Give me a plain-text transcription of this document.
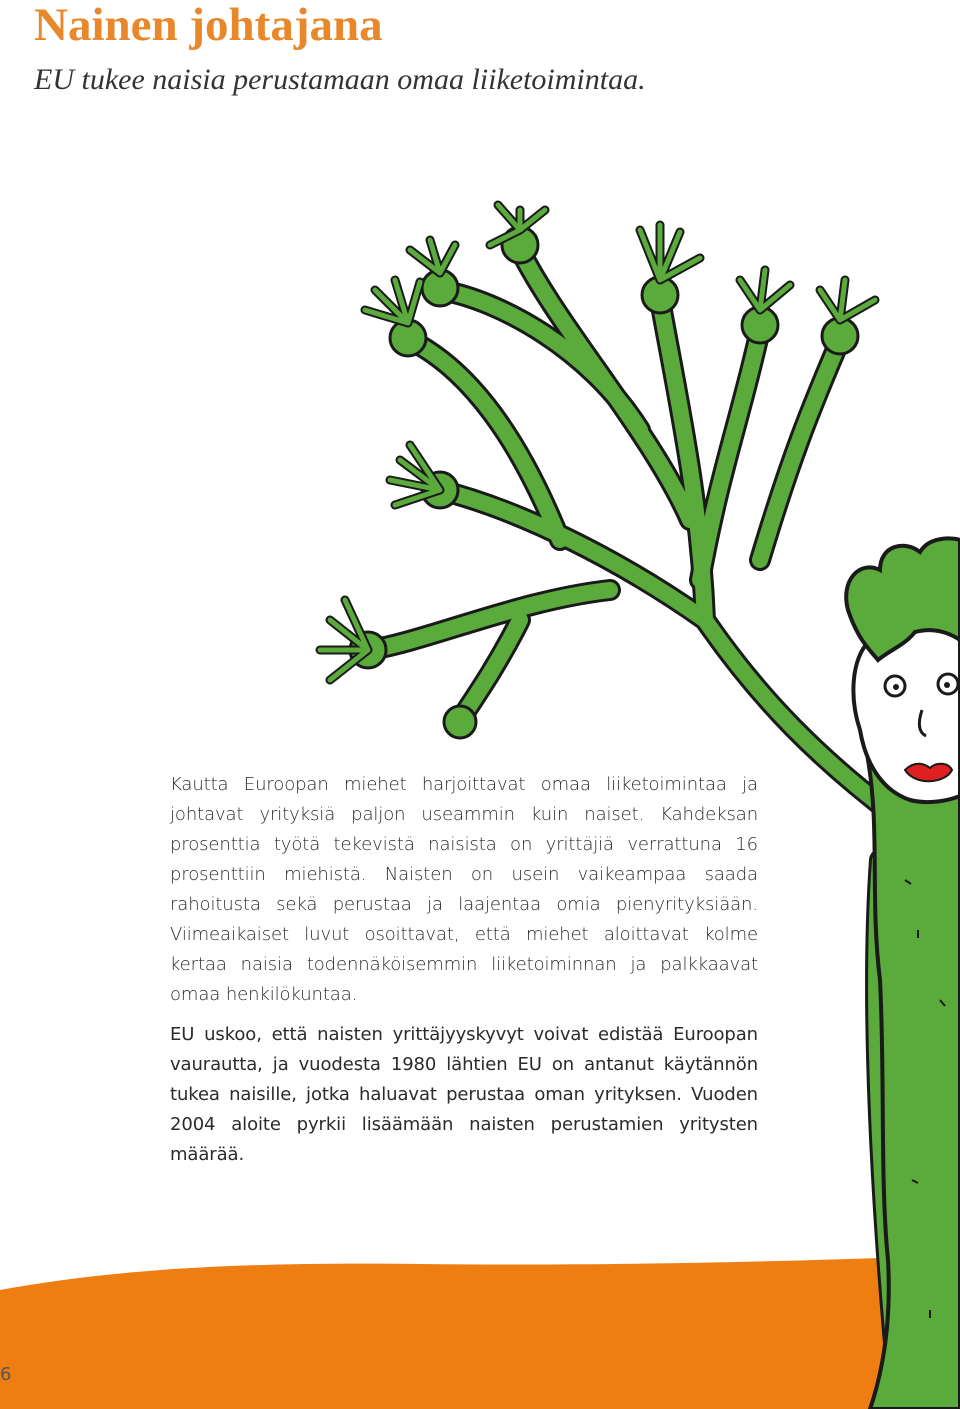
Nainen johtajana
EU tukee naisia perustamaan omaa liiketoimintaa.

Kautta Euroopan miehet harjoittavat omaa liiketoimintaa ja johtavat yrityksiä paljon useammin kuin naiset. Kahdeksan prosenttia työtä tekevistä naisista on yrittäjiä verrattuna 16 prosenttiin miehistä. Naisten on usein vaikeampaa saada rahoitusta sekä perustaa ja laajentaa omia pienyrityksiään. Viimeaikaiset luvut osoittavat, että miehet aloittavat kolme kertaa naisia todennäköisemmin liiketoiminnan ja palkkaavat omaa henkilökuntaa.

EU uskoo, että naisten yrittäjyyskyvyt voivat edistää Euroopan vaurautta, ja vuodesta 1980 lähtien EU on antanut käytännön tukea naisille, jotka haluavat perustaa oman yrityksen. Vuoden 2004 aloite pyrkii lisäämään naisten perustamien yritysten määrää.

6
